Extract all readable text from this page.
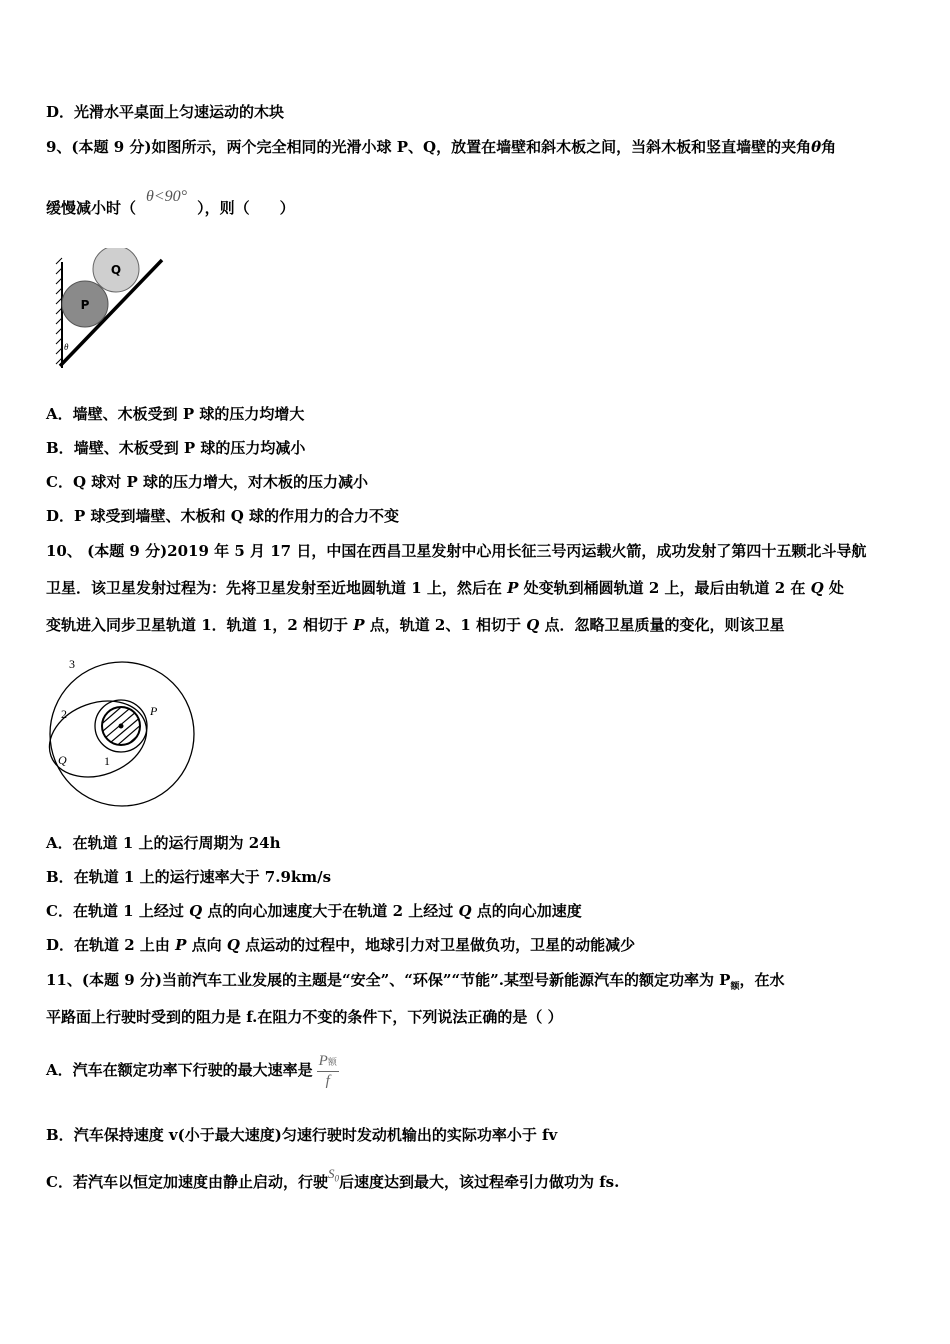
D．光滑水平桌面上匀速运动的木块
9、(本题 9 分)如图所示，两个完全相同的光滑小球 P、Q，放置在墙壁和斜木板之间，当斜木板和竖直墙壁的夹角θ角
缓慢减小时（θ<90°），则（　　）
Q
P
θ
A．墙壁、木板受到 P 球的压力均增大
B．墙壁、木板受到 P 球的压力均减小
C．Q 球对 P 球的压力增大，对木板的压力减小
D．P 球受到墙壁、木板和 Q 球的作用力的合力不变
10、 (本题 9 分)2019 年 5 月 17 日，中国在西昌卫星发射中心用长征三号丙运载火箭，成功发射了第四十五颗北斗导航
卫星．该卫星发射过程为：先将卫星发射至近地圆轨道 1 上，然后在 P 处变轨到桶圆轨道 2 上，最后由轨道 2 在 Q 处
变轨进入同步卫星轨道 1．轨道 1，2 相切于 P 点，轨道 2、1 相切于 Q 点．忽略卫星质量的变化，则该卫星
3
2
1
P
Q
A．在轨道 1 上的运行周期为 24h
B．在轨道 1 上的运行速率大于 7.9km/s
C．在轨道 1 上经过 Q 点的向心加速度大于在轨道 2 上经过 Q 点的向心加速度
D．在轨道 2 上由 P 点向 Q 点运动的过程中，地球引力对卫星做负功，卫星的动能减少
11、(本题 9 分)当前汽车工业发展的主题是“安全”、“环保”“节能”.某型号新能源汽车的额定功率为 $P_额$，在水
平路面上行驶时受到的阻力是 f.在阻力不变的条件下，下列说法正确的是（ ）
A．汽车在额定功率下行驶的最大速率是 $\frac{\text{P额}}{f}$
B．汽车保持速度 v(小于最大速度)匀速行驶时发动机输出的实际功率小于 fv
C．若汽车以恒定加速度由静止启动，行驶$S_0$后速度达到最大，该过程牵引力做功为 fs.
